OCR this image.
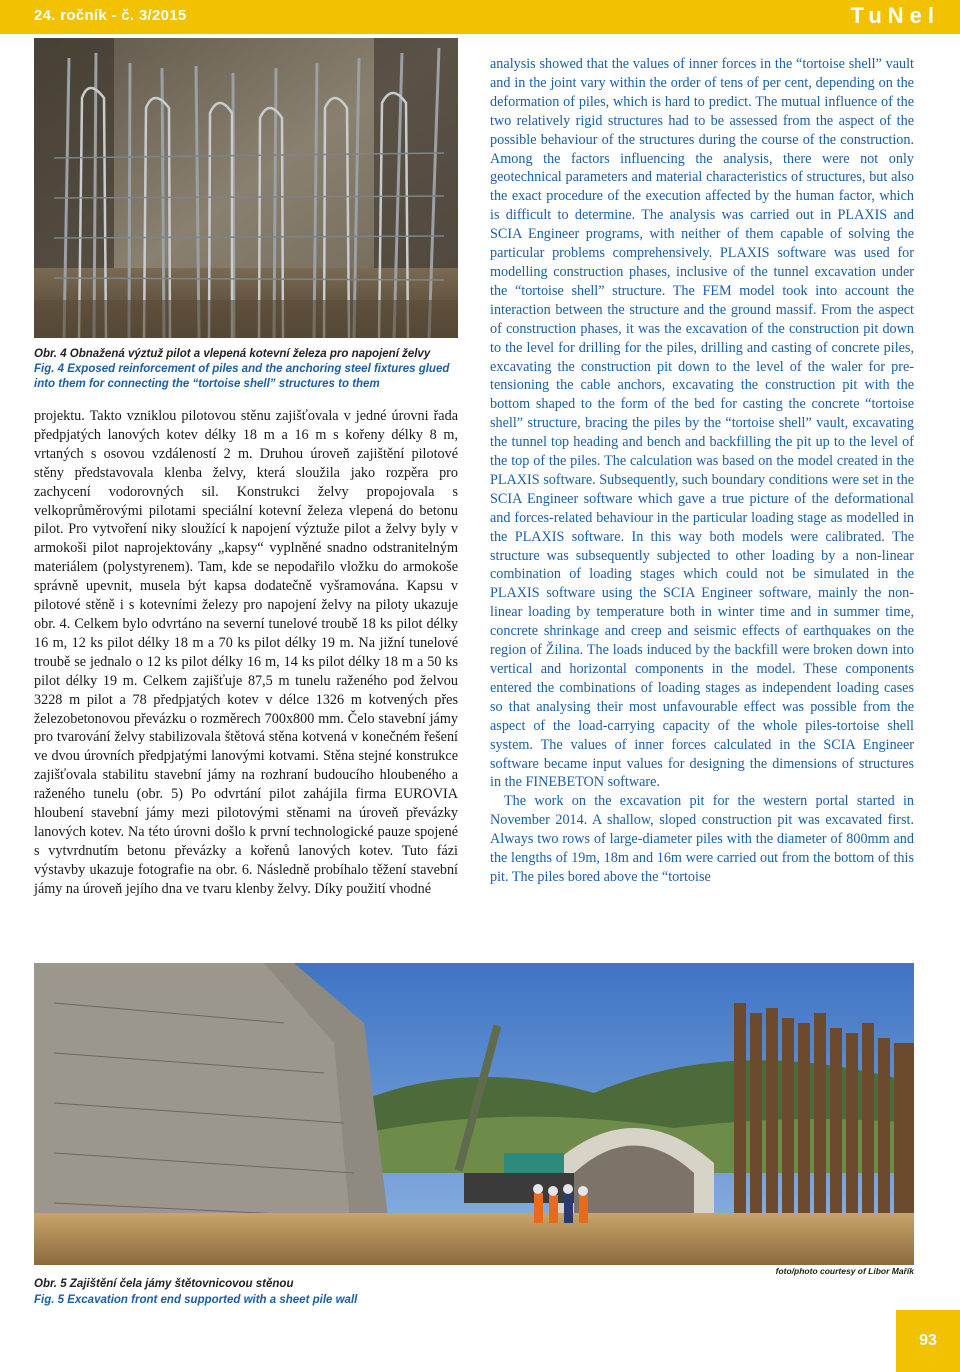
24. ročník - č. 3/2015	TuNel
Obr. 4 Obnažená výztuž pilot a vlepená kotevní železa pro napojení želvy
Fig. 4 Exposed reinforcement of piles and the anchoring steel fixtures glued into them for connecting the “tortoise shell” structures to them

projektu. Takto vzniklou pilotovou stěnu zajišťovala v jedné úrovni řada předpjatých lanových kotev délky 18 m a 16 m s kořeny délky 8 m, vrtaných s osovou vzdáleností 2 m. Druhou úroveň zajištění pilotové stěny představovala klenba želvy, která sloužila jako rozpěra pro zachycení vodorovných sil. Konstrukci želvy propojovala s velkoprůměrovými pilotami speciální kotevní železa vlepená do betonu pilot. Pro vytvoření niky sloužící k napojení výztuže pilot a želvy byly v armokoši pilot naprojektovány „kapsy“ vyplněné snadno odstranitelným materiálem (polystyrenem). Tam, kde se nepodařilo vložku do armokoše správně upevnit, musela být kapsa dodatečně vyšramována. Kapsu v pilotové stěně i s kotevními železy pro napojení želvy na piloty ukazuje obr. 4. Celkem bylo odvrtáno na severní tunelové troubě 18 ks pilot délky 16 m, 12 ks pilot délky 18 m a 70 ks pilot délky 19 m. Na jižní tunelové troubě se jednalo o 12 ks pilot délky 16 m, 14 ks pilot délky 18 m a 50 ks pilot délky 19 m. Celkem zajišťuje 87,5 m tunelu raženého pod želvou 3228 m pilot a 78 předpjatých kotev v délce 1326 m kotvených přes železobetonovou převázku o rozměrech 700x800 mm. Čelo stavební jámy pro tvarování želvy stabilizovala štětová stěna kotvená v konečném řešení ve dvou úrovních předpjatými lanovými kotvami. Stěna stejné konstrukce zajišťovala stabilitu stavební jámy na rozhraní budoucího hloubeného a raženého tunelu (obr. 5) Po odvrtání pilot zahájila firma EUROVIA hloubení stavební jámy mezi pilotovými stěnami na úroveň převázky lanových kotev. Na této úrovni došlo k první technologické pauze spojené s vytvrdnutím betonu převázky a kořenů lanových kotev. Tuto fázi výstavby ukazuje fotografie na obr. 6. Následně probíhalo těžení stavební jámy na úroveň jejího dna ve tvaru klenby želvy. Díky použití vhodné

analysis showed that the values of inner forces in the “tortoise shell” vault and in the joint vary within the order of tens of per cent, depending on the deformation of piles, which is hard to predict. The mutual influence of the two relatively rigid structures had to be assessed from the aspect of the possible behaviour of the structures during the course of the construction. Among the factors influencing the analysis, there were not only geotechnical parameters and material characteristics of structures, but also the exact procedure of the execution affected by the human factor, which is difficult to determine. The analysis was carried out in PLAXIS and SCIA Engineer programs, with neither of them capable of solving the particular problems comprehensively. PLAXIS software was used for modelling construction phases, inclusive of the tunnel excavation under the “tortoise shell” structure. The FEM model took into account the interaction between the structure and the ground massif. From the aspect of construction phases, it was the excavation of the construction pit down to the level for drilling for the piles, drilling and casting of concrete piles, excavating the construction pit down to the level of the waler for pre-tensioning the cable anchors, excavating the construction pit with the bottom shaped to the form of the bed for casting the concrete “tortoise shell” structure, bracing the piles by the “tortoise shell” vault, excavating the tunnel top heading and bench and backfilling the pit up to the level of the top of the piles. The calculation was based on the model created in the PLAXIS software. Subsequently, such boundary conditions were set in the SCIA Engineer software which gave a true picture of the deformational and forces-related behaviour in the particular loading stage as modelled in the PLAXIS software. In this way both models were calibrated. The structure was subsequently subjected to other loading by a non-linear combination of loading stages which could not be simulated in the PLAXIS software using the SCIA Engineer software, mainly the non-linear loading by temperature both in winter time and in summer time, concrete shrinkage and creep and seismic effects of earthquakes on the region of Žilina. The loads induced by the backfill were broken down into vertical and horizontal components in the model. These components entered the combinations of loading stages as independent loading cases so that analysing their most unfavourable effect was possible from the aspect of the load-carrying capacity of the whole piles-tortoise shell system. The values of inner forces calculated in the SCIA Engineer software became input values for designing the dimensions of structures in the FINEBETON software.

The work on the excavation pit for the western portal started in November 2014. A shallow, sloped construction pit was excavated first. Always two rows of large-diameter piles with the diameter of 800mm and the lengths of 19m, 18m and 16m were carried out from the bottom of this pit. The piles bored above the “tortoise

foto/photo courtesy of Libor Mařík
Obr. 5 Zajištění čela jámy štětovnicovou stěnou
Fig. 5 Excavation front end supported with a sheet pile wall
93
